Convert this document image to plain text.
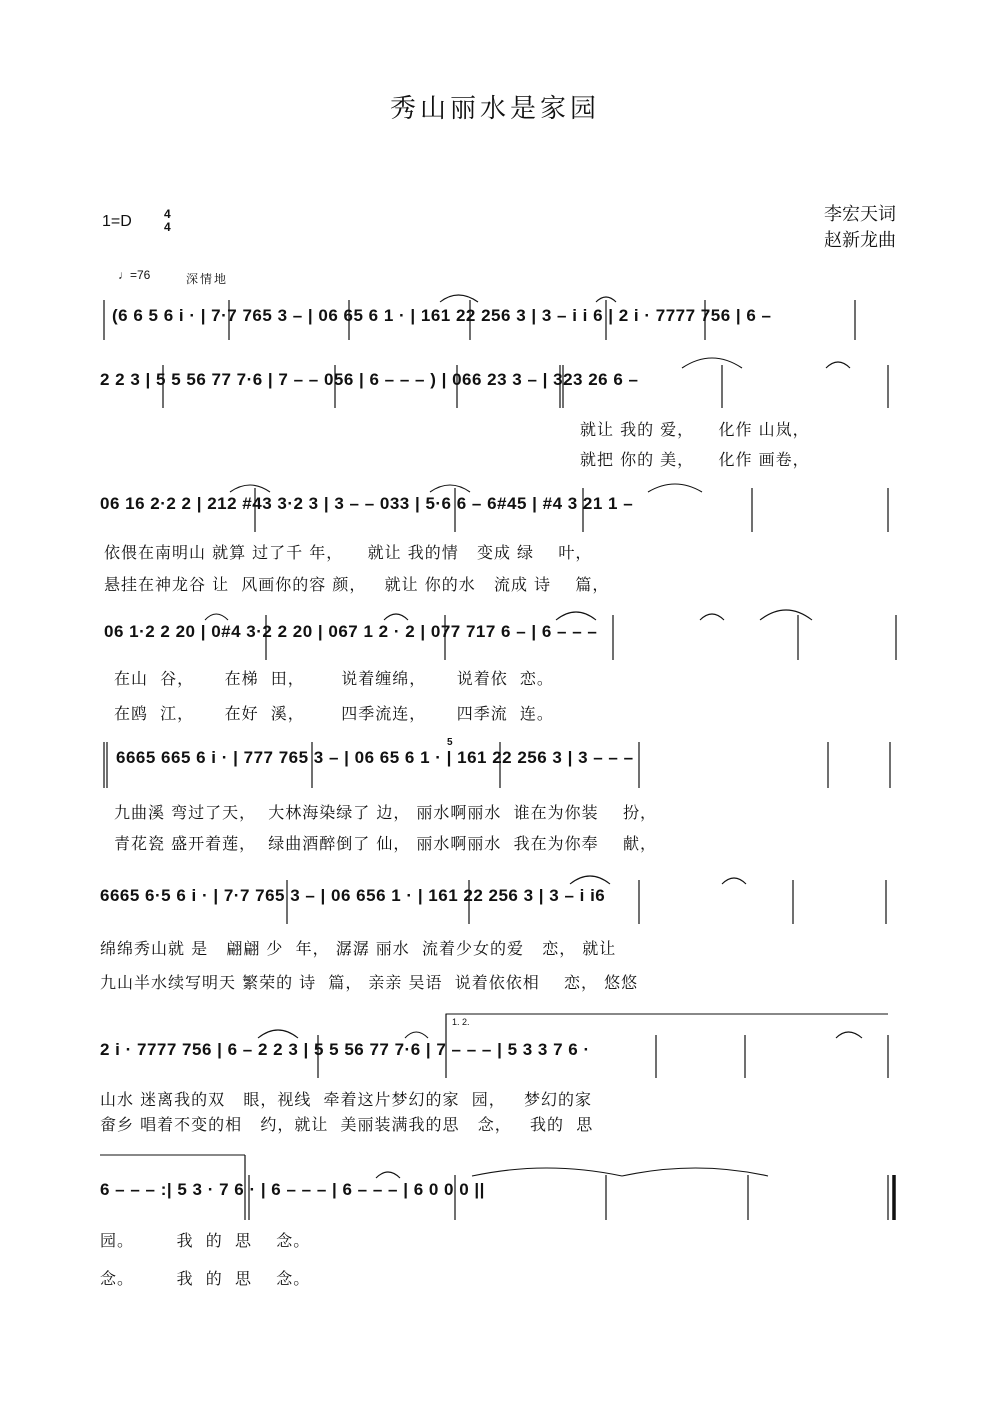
秀山丽水是家园
1=D	4
4
李宏天词
赵新龙曲
♩=76	深情地
(6 6 5 6 i · | 7·7 765 3 – | 06 65 6 1 · | 161 22 256 3 | 3 – i i 6 | 2 i · 7777 756 | 6 –
2 2 3 | 5 5 56 77 7·6 | 7 – – 056 | 6 – – – ) | 066 23 3 – | 323 26 6 –
就让 我的 爱，    化作 山岚，
就把 你的 美，    化作 画卷，
06 16 2·2 2 | 212 #43 3·2 3 | 3 – – 033 | 5·6 6 – 6#45 | #4 3 21 1 –
依偎在南明山 就算 过了千 年，    就让 我的情   变成 绿    叶，
悬挂在神龙谷 让  风画你的容 颜，   就让 你的水   流成 诗    篇，
06 1·2 2 20 | 0#4 3·2 2 20 | 067 1 2 · 2 | 077 717 6 – | 6 – – –
在山  谷，     在梯  田，      说着缠绵，     说着依  恋。
在鸥  江，     在好  溪，      四季流连，     四季流  连。
6665 665 6 i · | 777 765 3 – | 06 65 6 1 · | 161 22 256 3 | 3 – – –
九曲溪 弯过了天，  大林海染绿了 边， 丽水啊丽水  谁在为你装    扮，
青花瓷 盛开着莲，  绿曲酒醉倒了 仙， 丽水啊丽水  我在为你奉    献，
6665 6·5 6 i · | 7·7 765 3 – | 06 656 1 · | 161 22 256 3 | 3 – i i6
绵绵秀山就 是   翩翩 少  年， 潺潺 丽水  流着少女的爱   恋， 就让
九山半水续写明天 繁荣的 诗  篇， 亲亲 吴语  说着依依相    恋， 悠悠
1. 2.
2 i · 7777 756 | 6 – 2 2 3 | 5 5 56 77 7·6 | 7 – – – | 5 3 3 7 6 ·
山水 迷离我的双   眼，视线  牵着这片梦幻的家  园，   梦幻的家
畲乡 唱着不变的相   约，就让  美丽装满我的思   念，   我的  思
6 – – – :| 5 3 · 7 6 · | 6 – – – | 6 – – – | 6 0 0 0 ||
园。       我  的  思    念。
念。       我  的  思    念。
5
